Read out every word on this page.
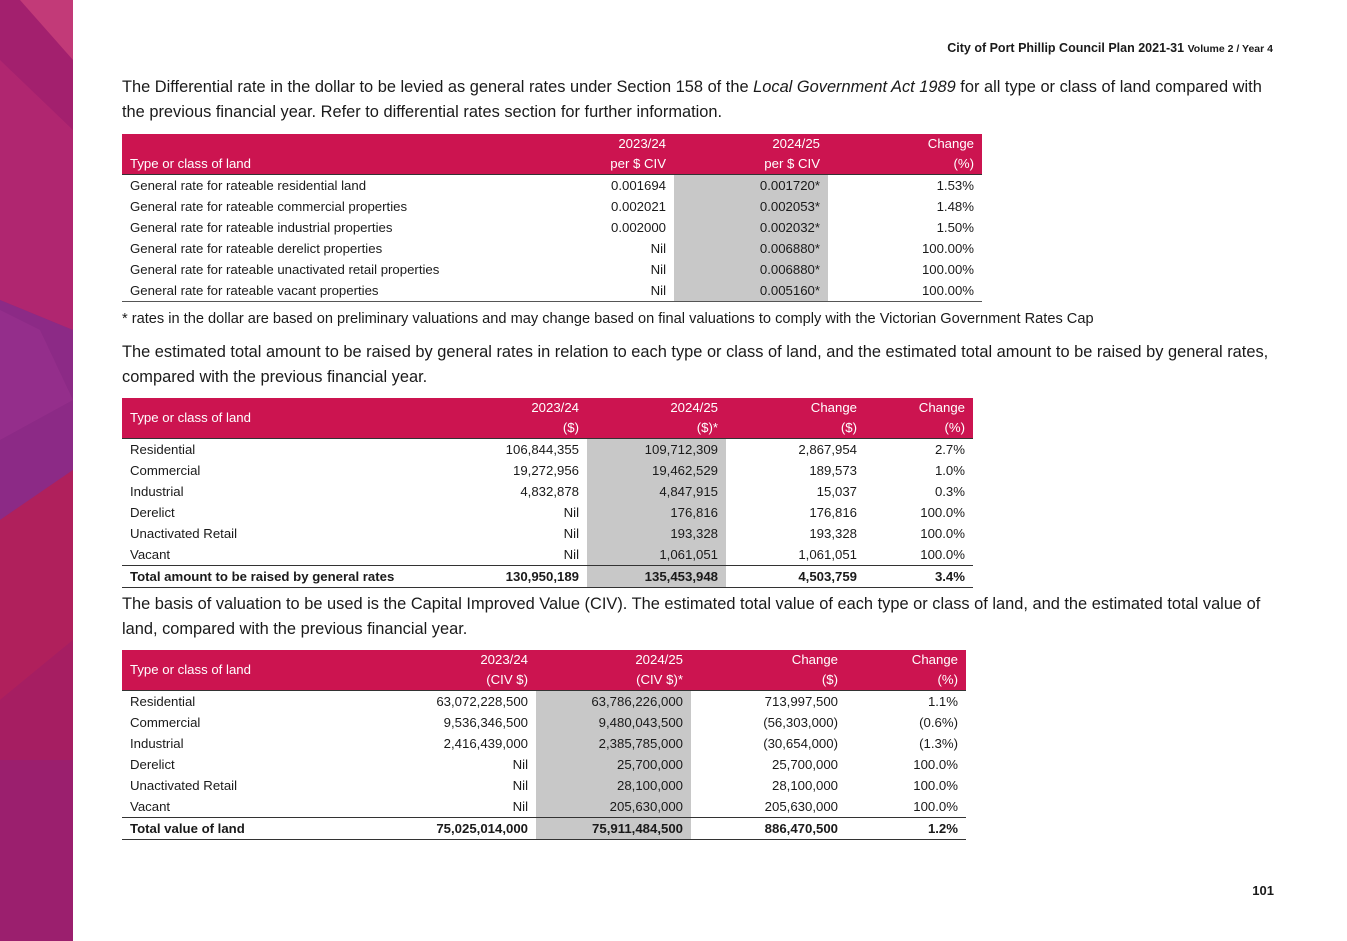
City of Port Phillip Council Plan 2021-31 Volume 2 / Year 4
The Differential rate in the dollar to be levied as general rates under Section 158 of the Local Government Act 1989 for all type or class of land compared with the previous financial year. Refer to differential rates section for further information.
	2023/24	2024/25	Change
Type or class of land	per $ CIV	per $ CIV	(%)
General rate for rateable residential land	0.001694	0.001720*	1.53%
General rate for rateable commercial properties	0.002021	0.002053*	1.48%
General rate for rateable industrial properties	0.002000	0.002032*	1.50%
General rate for rateable derelict properties	Nil	0.006880*	100.00%
General rate for rateable unactivated retail properties	Nil	0.006880*	100.00%
General rate for rateable vacant properties	Nil	0.005160*	100.00%
* rates in the dollar are based on preliminary valuations and may change based on final valuations to comply with the Victorian Government Rates Cap
The estimated total amount to be raised by general rates in relation to each type or class of land, and the estimated total amount to be raised by general rates, compared with the previous financial year.
Type or class of land	2023/24	2024/25	Change	Change
	($)	($)*	($)	(%)
Residential	106,844,355	109,712,309	2,867,954	2.7%
Commercial	19,272,956	19,462,529	189,573	1.0%
Industrial	4,832,878	4,847,915	15,037	0.3%
Derelict	Nil	176,816	176,816	100.0%
Unactivated Retail	Nil	193,328	193,328	100.0%
Vacant	Nil	1,061,051	1,061,051	100.0%
Total amount to be raised by general rates	130,950,189	135,453,948	4,503,759	3.4%
The basis of valuation to be used is the Capital Improved Value (CIV). The estimated total value of each type or class of land, and the estimated total value of land, compared with the previous financial year.
Type or class of land	2023/24	2024/25	Change	Change
	(CIV $)	(CIV $)*	($)	(%)
Residential	63,072,228,500	63,786,226,000	713,997,500	1.1%
Commercial	9,536,346,500	9,480,043,500	(56,303,000)	(0.6%)
Industrial	2,416,439,000	2,385,785,000	(30,654,000)	(1.3%)
Derelict	Nil	25,700,000	25,700,000	100.0%
Unactivated Retail	Nil	28,100,000	28,100,000	100.0%
Vacant	Nil	205,630,000	205,630,000	100.0%
Total value of land	75,025,014,000	75,911,484,500	886,470,500	1.2%
101
